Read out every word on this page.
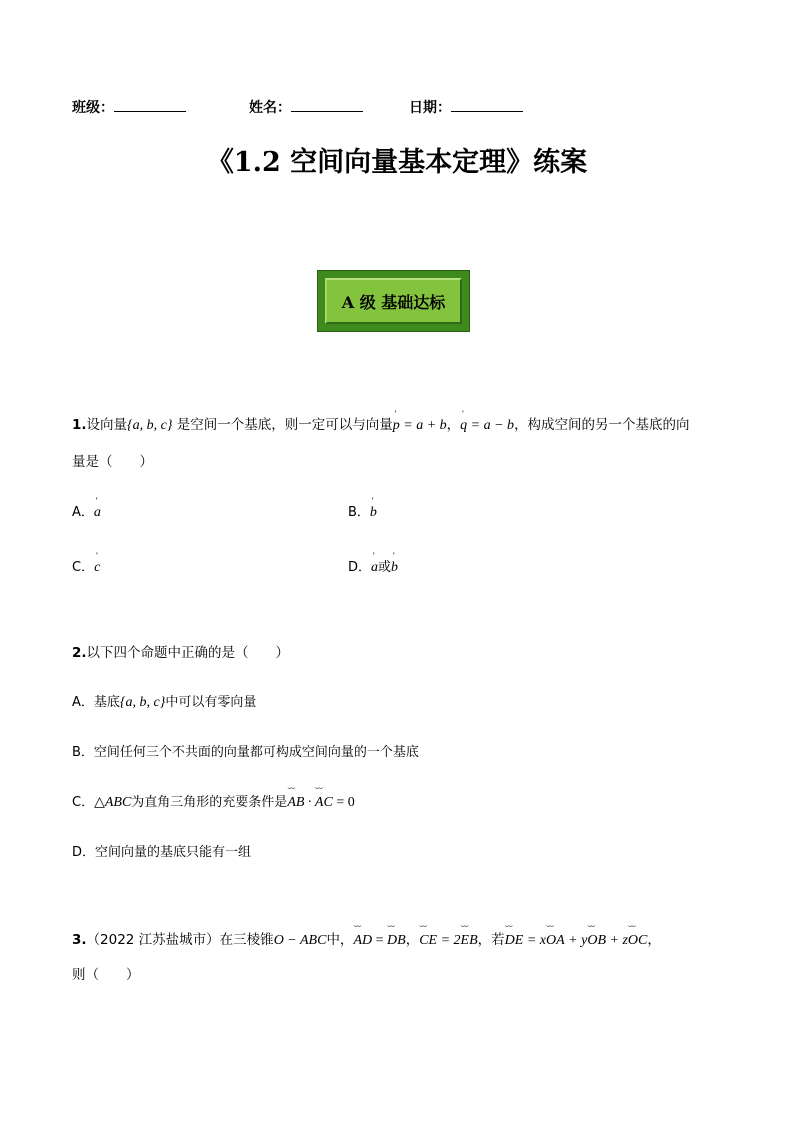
班级：	姓名：	日期：
《1.2 空间向量基本定理》练案
A 级 基础达标
1.设向量{a, b, c} 是空间一个基底，则一定可以与向量' p = a + b，' q = a − b，构成空间的另一个基底的向
量是（　　）
A．' a	B．' b
C．' c	D．' a或' b
2.以下四个命题中正确的是（　　）
A．基底{a, b, c}中可以有零向量
B．空间任何三个不共面的向量都可构成空间向量的一个基底
C．△ABC为直角三角形的充要条件是⌣⌣ AB · ⌣⌣ AC = 0
D．空间向量的基底只能有一组
3.（2022 江苏盐城市）在三棱锥O − ABC中，⌣⌣ AD = ⌣⌣ DB，⌣⌣ CE = 2⌣⌣ EB，若⌣⌣ DE = x⌣⌣ OA + y⌣⌣ OB + z⌣⌣ OC，
则（　　）
